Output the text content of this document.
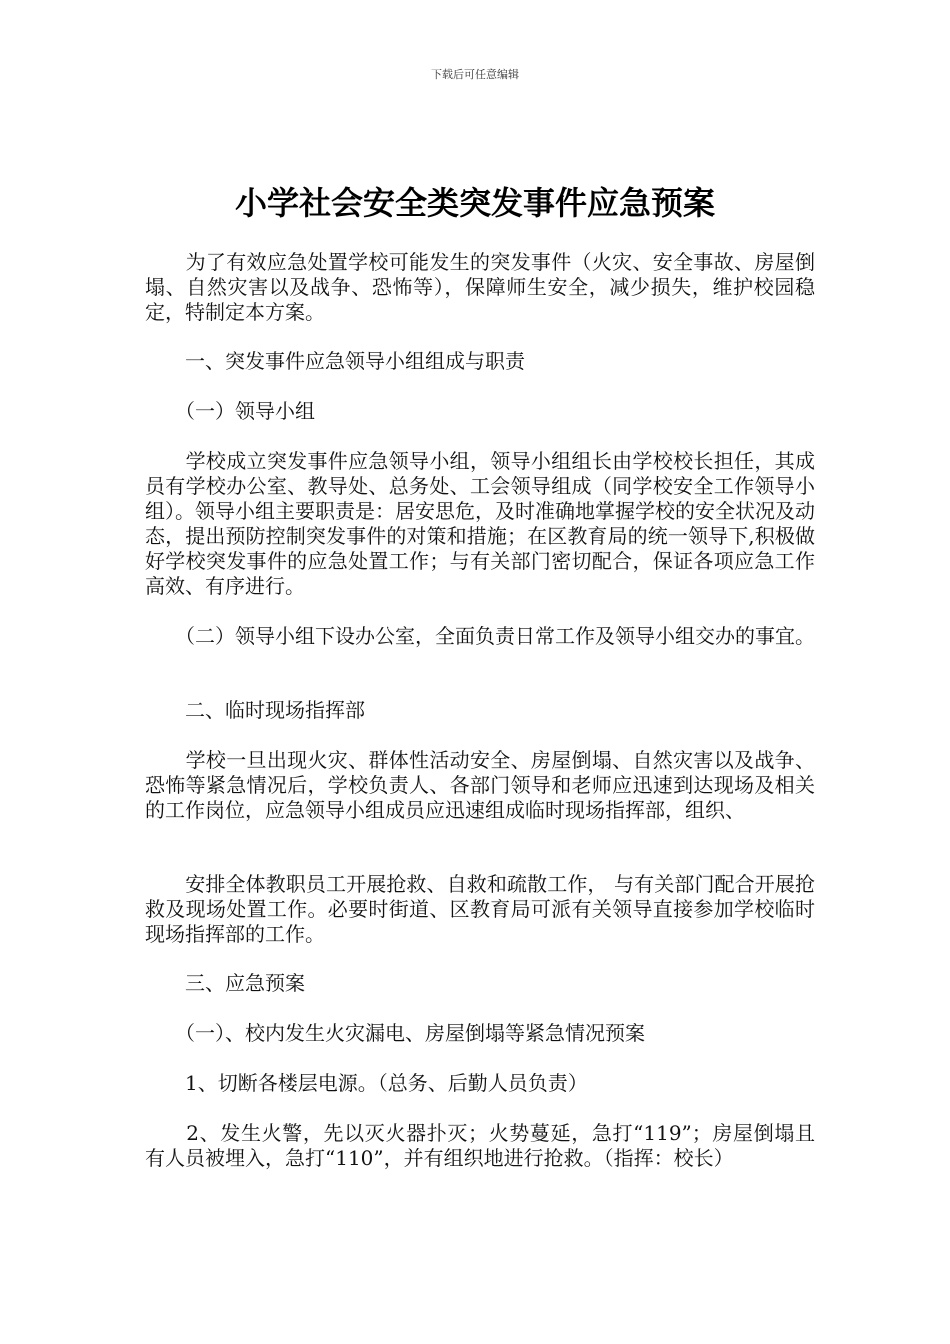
下载后可任意编辑
小学社会安全类突发事件应急预案

　　为了有效应急处置学校可能发生的突发事件（火灾、安全事故、房屋倒塌、自然灾害以及战争、恐怖等），保障师生安全，减少损失，维护校园稳定，特制定本方案。

　　一、突发事件应急领导小组组成与职责

　　（一）领导小组

　　学校成立突发事件应急领导小组，领导小组组长由学校校长担任，其成员有学校办公室、教导处、总务处、工会领导组成（同学校安全工作领导小组）。领导小组主要职责是：居安思危，及时准确地掌握学校的安全状况及动态，提出预防控制突发事件的对策和措施；在区教育局的统一领导下,积极做好学校突发事件的应急处置工作；与有关部门密切配合，保证各项应急工作高效、有序进行。

　　（二）领导小组下设办公室，全面负责日常工作及领导小组交办的事宜。

　　二、临时现场指挥部

　　学校一旦出现火灾、群体性活动安全、房屋倒塌、自然灾害以及战争、恐怖等紧急情况后，学校负责人、各部门领导和老师应迅速到达现场及相关的工作岗位，应急领导小组成员应迅速组成临时现场指挥部，组织、

　　安排全体教职员工开展抢救、自救和疏散工作， 与有关部门配合开展抢救及现场处置工作。必要时街道、区教育局可派有关领导直接参加学校临时现场指挥部的工作。

　　三、应急预案

　　（一）、校内发生火灾漏电、房屋倒塌等紧急情况预案

　　1、切断各楼层电源。（总务、后勤人员负责）

　　2、发生火警，先以灭火器扑灭；火势蔓延，急打“119”；房屋倒塌且有人员被埋入，急打“110”，并有组织地进行抢救。（指挥：校长）
